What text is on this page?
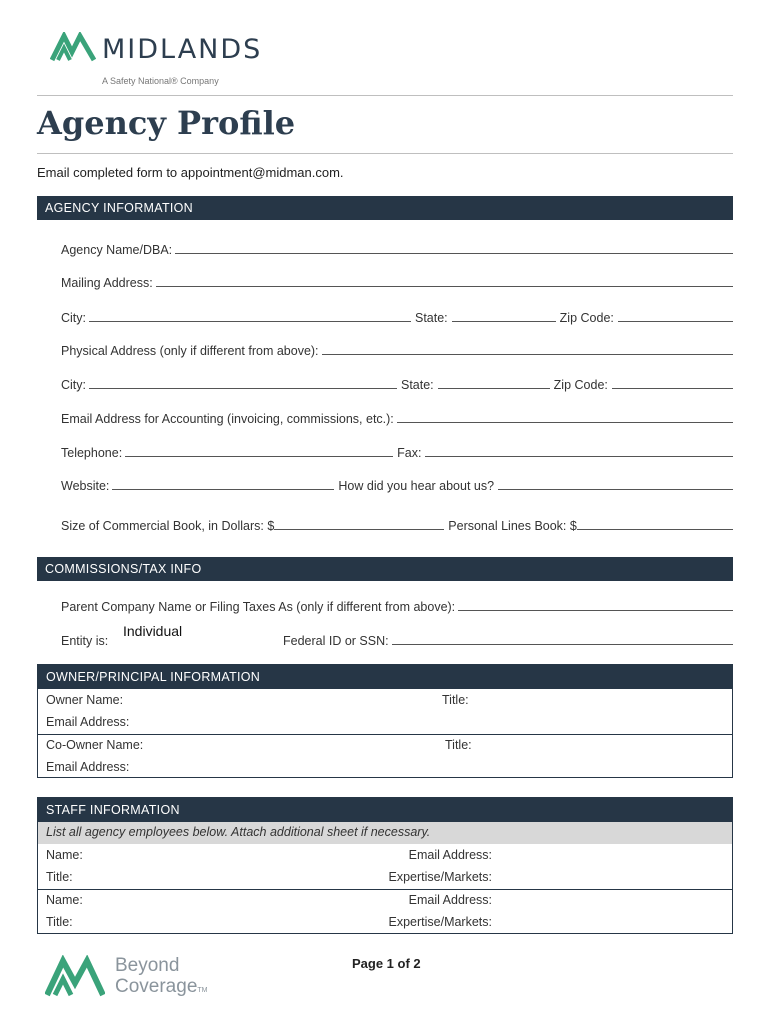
MIDLANDS
A Safety National® Company
Agency Profile
Email completed form to appointment@midman.com.
AGENCY INFORMATION
Agency Name/DBA:
Mailing Address:
City:	State:	Zip Code:
Physical Address (only if different from above):
City:	State:	Zip Code:
Email Address for Accounting (invoicing, commissions, etc.):
Telephone:	Fax:
Website:	How did you hear about us?
Size of Commercial Book, in Dollars: $	Personal Lines Book: $
COMMISSIONS/TAX INFO
Parent Company Name or Filing Taxes As (only if different from above):
Entity is:	Federal ID or SSN:
Individual
OWNER/PRINCIPAL INFORMATION
Owner Name:	Title:
Email Address:
Co-Owner Name:	Title:
Email Address:
STAFF INFORMATION
List all agency employees below. Attach additional sheet if necessary.
Name:	Email Address:
Title:	Expertise/Markets:
Name:	Email Address:
Title:	Expertise/Markets:
Beyond
CoverageTM
Page 1 of 2
